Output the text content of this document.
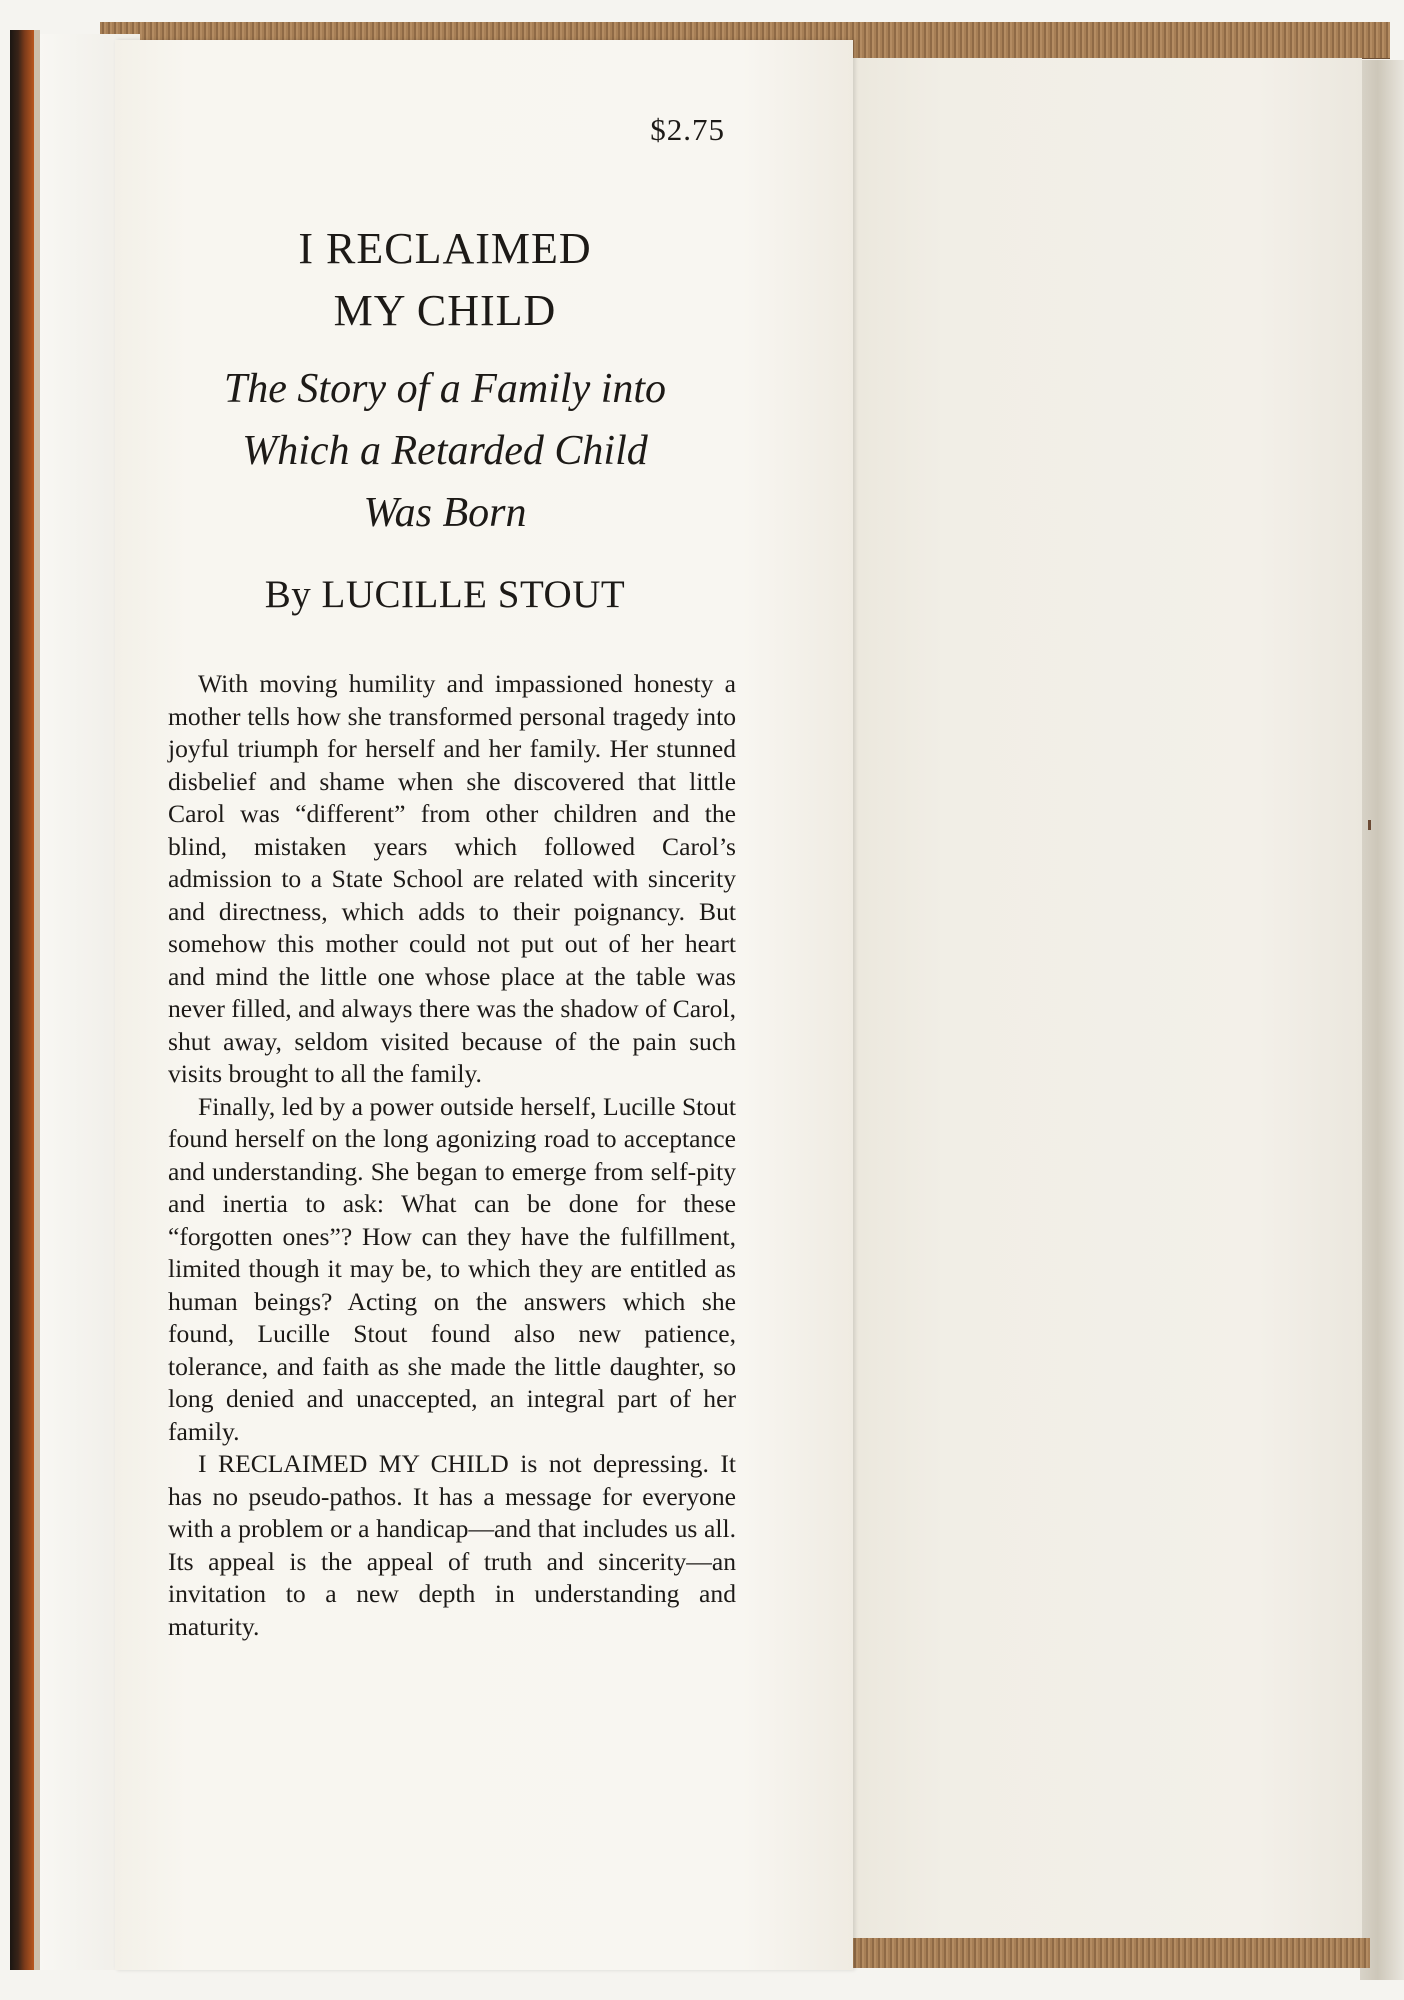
$2.75
I RECLAIMED
MY CHILD
The Story of a Family into
Which a Retarded Child
Was Born
By LUCILLE STOUT

With moving humility and impassioned honesty a mother tells how she transformed personal tragedy into joyful triumph for herself and her family. Her stunned disbelief and shame when she discovered that little Carol was “different” from other children and the blind, mistaken years which followed Carol’s admission to a State School are related with sincerity and directness, which adds to their poignancy. But somehow this mother could not put out of her heart and mind the little one whose place at the table was never filled, and always there was the shadow of Carol, shut away, seldom visited because of the pain such visits brought to all the family.

Finally, led by a power outside herself, Lucille Stout found herself on the long agonizing road to acceptance and understanding. She began to emerge from self-pity and inertia to ask: What can be done for these “forgotten ones”? How can they have the fulfillment, limited though it may be, to which they are entitled as human beings? Acting on the answers which she found, Lucille Stout found also new patience, tolerance, and faith as she made the little daughter, so long denied and unaccepted, an integral part of her family.

I RECLAIMED MY CHILD is not depressing. It has no pseudo-pathos. It has a message for everyone with a problem or a handicap—and that includes us all. Its appeal is the appeal of truth and sincerity—an invitation to a new depth in understanding and maturity.
